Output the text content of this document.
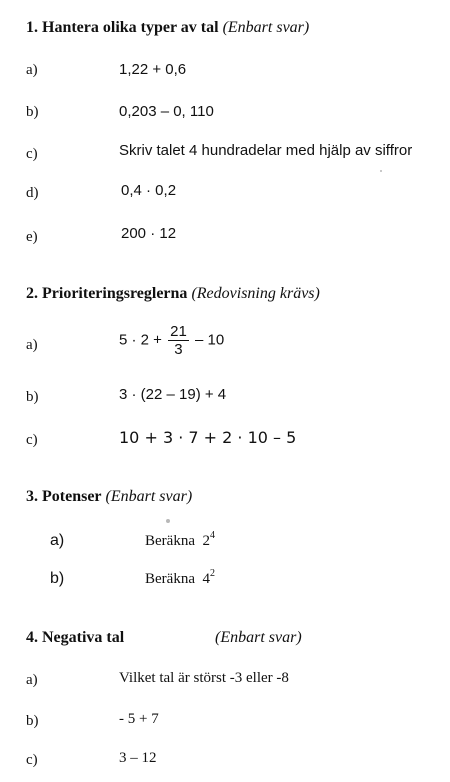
1. Hantera olika typer av tal (Enbart svar)
a)	1,22 + 0,6
b)	0,203 – 0, 110
c)	Skriv talet 4 hundradelar med hjälp av siffror
d)	0,4 · 0,2
e)	200 · 12
2. Prioriteringsreglerna (Redovisning krävs)
a)	$5 \cdot 2 + \frac{21}{3} - 10$
b)	3 · (22 – 19) + 4
c)	10 + 3 · 7 + 2 · 10 – 5
3. Potenser (Enbart svar)
a)	Beräkna $2^4$
b)	Beräkna $4^2$
4. Negativa tal	(Enbart svar)
a)	Vilket tal är störst -3 eller -8
b)	- 5 + 7
c)	3 – 12
